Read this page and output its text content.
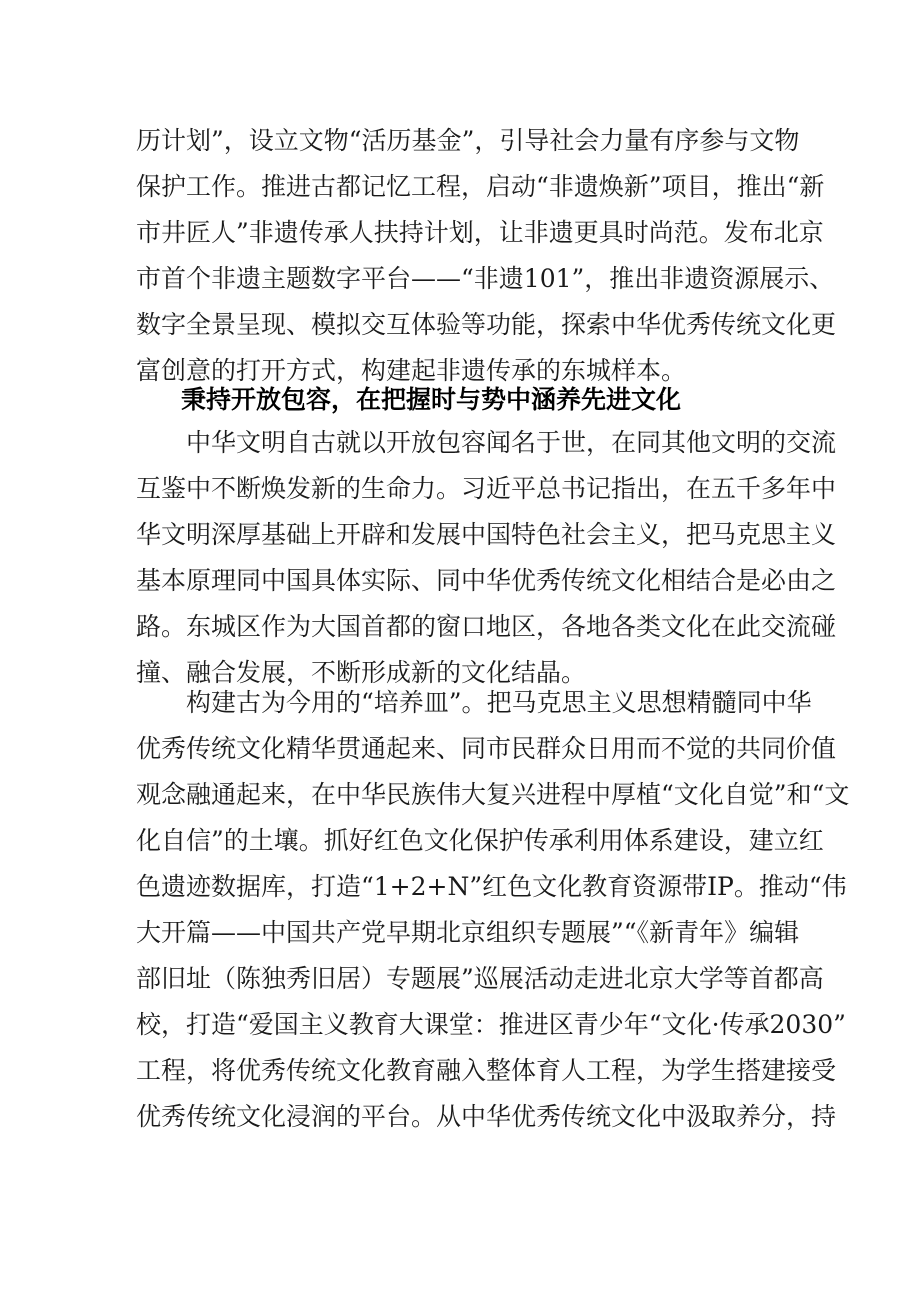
历计划”，设立文物“活历基金”，引导社会力量有序参与文物
保护工作。推进古都记忆工程，启动“非遗焕新”项目，推出“新
市井匠人”非遗传承人扶持计划，让非遗更具时尚范。发布北京
市首个非遗主题数字平台——“非遗101”，推出非遗资源展示、
数字全景呈现、模拟交互体验等功能，探索中华优秀传统文化更
富创意的打开方式，构建起非遗传承的东城样本。
秉持开放包容，在把握时与势中涵养先进文化
中华文明自古就以开放包容闻名于世，在同其他文明的交流
互鉴中不断焕发新的生命力。习近平总书记指出，在五千多年中
华文明深厚基础上开辟和发展中国特色社会主义，把马克思主义
基本原理同中国具体实际、同中华优秀传统文化相结合是必由之
路。东城区作为大国首都的窗口地区，各地各类文化在此交流碰
撞、融合发展，不断形成新的文化结晶。
构建古为今用的“培养皿”。把马克思主义思想精髓同中华
优秀传统文化精华贯通起来、同市民群众日用而不觉的共同价值
观念融通起来，在中华民族伟大复兴进程中厚植“文化自觉”和“文
化自信”的土壤。抓好红色文化保护传承利用体系建设，建立红
色遗迹数据库，打造“1+2+N”红色文化教育资源带IP。推动“伟
大开篇——中国共产党早期北京组织专题展”“《新青年》编辑
部旧址（陈独秀旧居）专题展”巡展活动走进北京大学等首都高
校，打造“爱国主义教育大课堂：推进区青少年“文化·传承2030”
工程，将优秀传统文化教育融入整体育人工程，为学生搭建接受
优秀传统文化浸润的平台。从中华优秀传统文化中汲取养分，持
